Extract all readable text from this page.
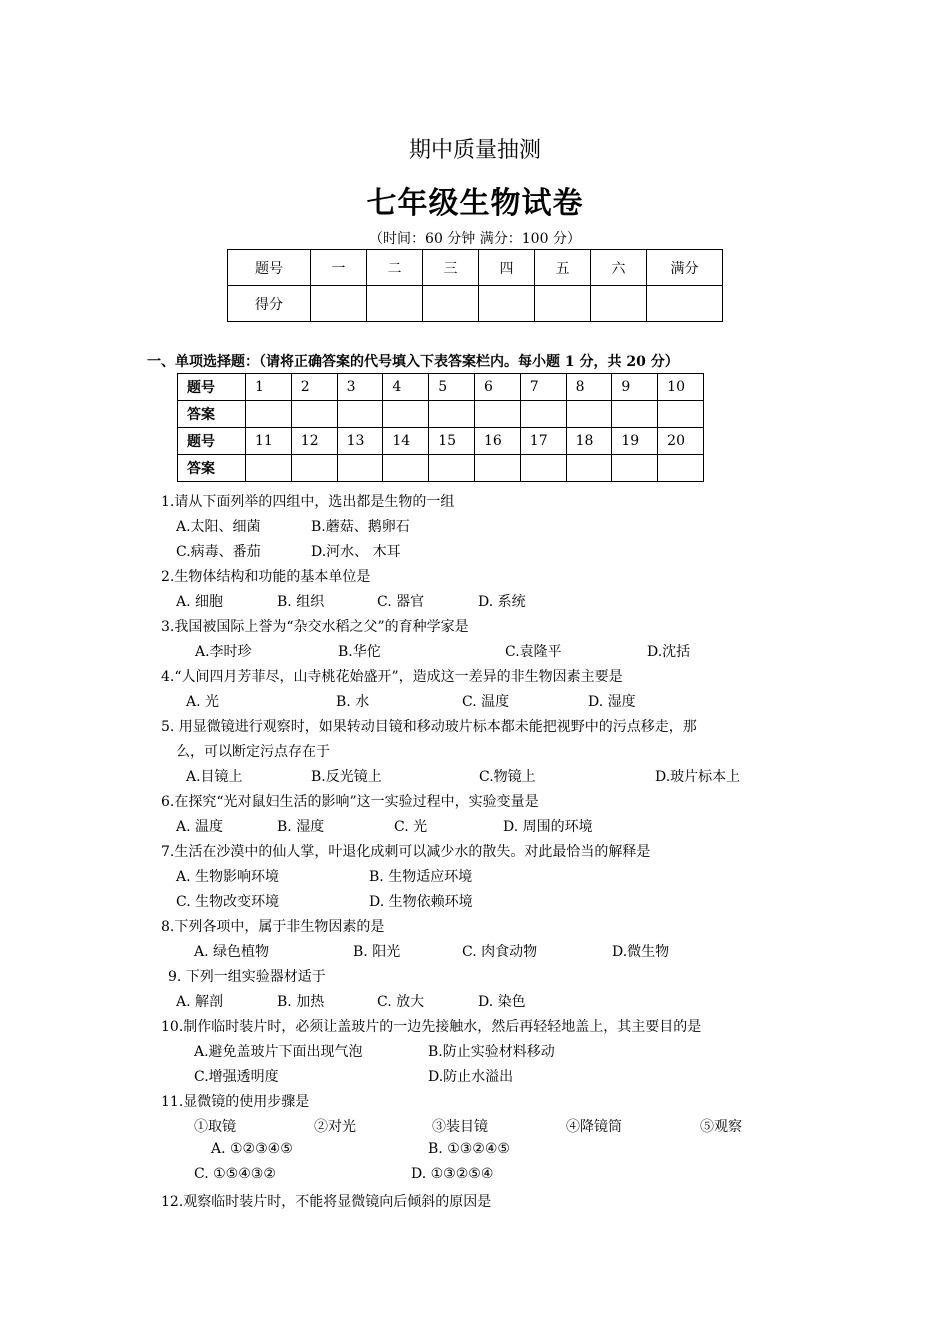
期中质量抽测
七年级生物试卷
（时间：60 分钟 满分：100 分）
题号	一	二	三	四	五	六	满分
得分							
一、单项选择题：（请将正确答案的代号填入下表答案栏内。每小题 1 分，共 20 分）
题号	1	2	3	4	5	6	7	8	9	10
答案										
题号	11	12	13	14	15	16	17	18	19	20
答案										
1.请从下面列举的四组中，选出都是生物的一组
A.太阳、细菌	B.蘑菇、鹅卵石
C.病毒、番茄	D.河水、 木耳
2.生物体结构和功能的基本单位是
A. 细胞	B. 组织	C. 器官	D. 系统
3.我国被国际上誉为“杂交水稻之父”的育种学家是
A.李时珍	B.华佗	C.袁隆平	D.沈括
4.“人间四月芳菲尽，山寺桃花始盛开”，造成这一差异的非生物因素主要是
A. 光	B. 水	C. 温度	D. 湿度
5. 用显微镜进行观察时，如果转动目镜和移动玻片标本都未能把视野中的污点移走，那
么，可以断定污点存在于
A.目镜上	B.反光镜上	C.物镜上	D.玻片标本上
6.在探究“光对鼠妇生活的影响”这一实验过程中，实验变量是
A. 温度	B. 湿度	C. 光	D. 周围的环境
7.生活在沙漠中的仙人掌，叶退化成刺可以减少水的散失。对此最恰当的解释是
A. 生物影响环境	B. 生物适应环境
C. 生物改变环境	D. 生物依赖环境
8.下列各项中，属于非生物因素的是
A. 绿色植物	B. 阳光	C. 肉食动物	D.微生物
9. 下列一组实验器材适于
A. 解剖	B. 加热	C. 放大	D. 染色
10.制作临时装片时，必须让盖玻片的一边先接触水，然后再轻轻地盖上，其主要目的是
A.避免盖玻片下面出现气泡	B.防止实验材料移动
C.增强透明度	D.防止水溢出
11.显微镜的使用步骤是
①取镜	②对光	③装目镜	④降镜筒	⑤观察
A. ①②③④⑤	B. ①③②④⑤
C. ①⑤④③②	D. ①③②⑤④
12.观察临时装片时，不能将显微镜向后倾斜的原因是
